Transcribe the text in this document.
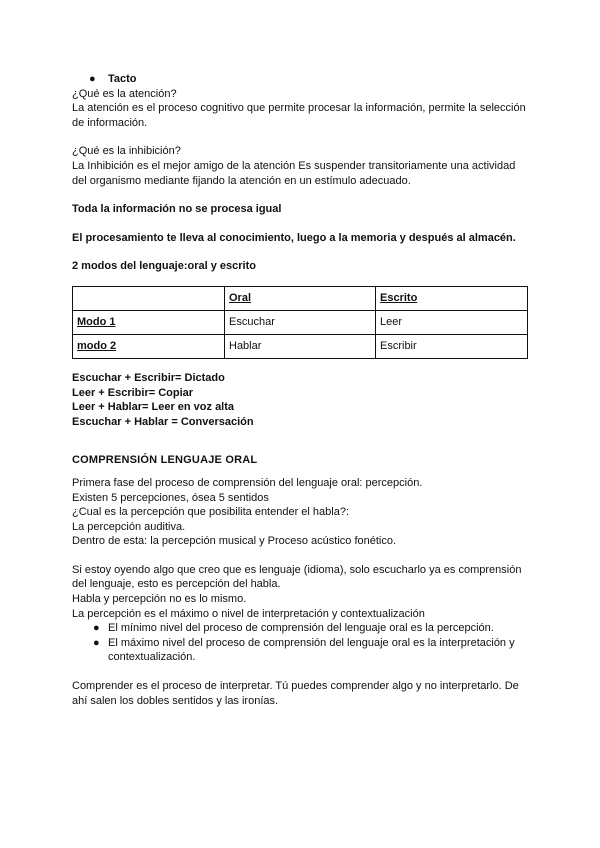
● Tacto

¿Qué es la atención?

La atención es el proceso cognitivo que permite procesar la información, permite la selección de información.

¿Qué es la inhibición?

La Inhibición es el mejor amigo de la atención Es suspender transitoriamente una actividad del organismo mediante fijando la atención en un estímulo adecuado.

Toda la información no se procesa igual

El procesamiento te lleva al conocimiento, luego a la memoria y después al almacén.

2 modos del lenguaje:oral y escrito

	Oral	Escrito
Modo 1	Escuchar	Leer
modo 2	Hablar	Escribir

Escuchar + Escribir= Dictado

Leer + Escribir= Copiar

Leer + Hablar= Leer en voz alta

Escuchar + Hablar = Conversación

COMPRENSIÓN LENGUAJE ORAL

Primera fase del proceso de comprensión del lenguaje oral: percepción.

Existen 5 percepciones, ósea 5 sentidos

¿Cual es la percepción que posibilita entender el habla?:

La percepción auditiva.

Dentro de esta: la percepción musical y Proceso acústico fonético.

Si estoy oyendo algo que creo que es lenguaje (idioma), solo escucharlo ya es comprensión del lenguaje, esto es percepción del habla.

Habla y percepción no es lo mismo.

La percepción es el máximo o nivel de interpretación y contextualización

● El mínimo nivel del proceso de comprensión del lenguaje oral es la percepción.
● El máximo nivel del proceso de comprensión del lenguaje oral es la interpretación y contextualización.

Comprender es el proceso de interpretar. Tú puedes comprender algo y no interpretarlo. De ahí salen los dobles sentidos y las ironías.
